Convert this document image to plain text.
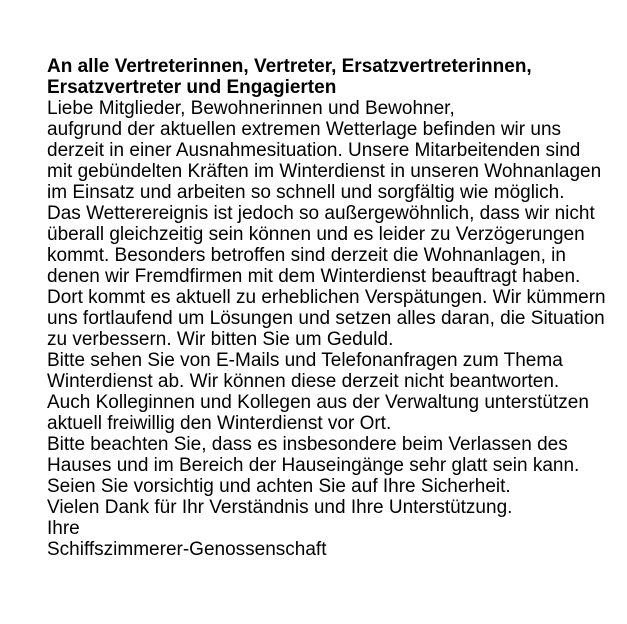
An alle Vertreterinnen, Vertreter, Ersatzvertreterinnen,
Ersatzvertreter und Engagierten
Liebe Mitglieder, Bewohnerinnen und Bewohner,
aufgrund der aktuellen extremen Wetterlage befinden wir uns
derzeit in einer Ausnahmesituation. Unsere Mitarbeitenden sind
mit gebündelten Kräften im Winterdienst in unseren Wohnanlagen
im Einsatz und arbeiten so schnell und sorgfältig wie möglich.
Das Wetterereignis ist jedoch so außergewöhnlich, dass wir nicht
überall gleichzeitig sein können und es leider zu Verzögerungen
kommt. Besonders betroffen sind derzeit die Wohnanlagen, in
denen wir Fremdfirmen mit dem Winterdienst beauftragt haben.
Dort kommt es aktuell zu erheblichen Verspätungen. Wir kümmern
uns fortlaufend um Lösungen und setzen alles daran, die Situation
zu verbessern. Wir bitten Sie um Geduld.
Bitte sehen Sie von E-Mails und Telefonanfragen zum Thema
Winterdienst ab. Wir können diese derzeit nicht beantworten.
Auch Kolleginnen und Kollegen aus der Verwaltung unterstützen
aktuell freiwillig den Winterdienst vor Ort.
Bitte beachten Sie, dass es insbesondere beim Verlassen des
Hauses und im Bereich der Hauseingänge sehr glatt sein kann.
Seien Sie vorsichtig und achten Sie auf Ihre Sicherheit.
Vielen Dank für Ihr Verständnis und Ihre Unterstützung.
Ihre
Schiffszimmerer-Genossenschaft
